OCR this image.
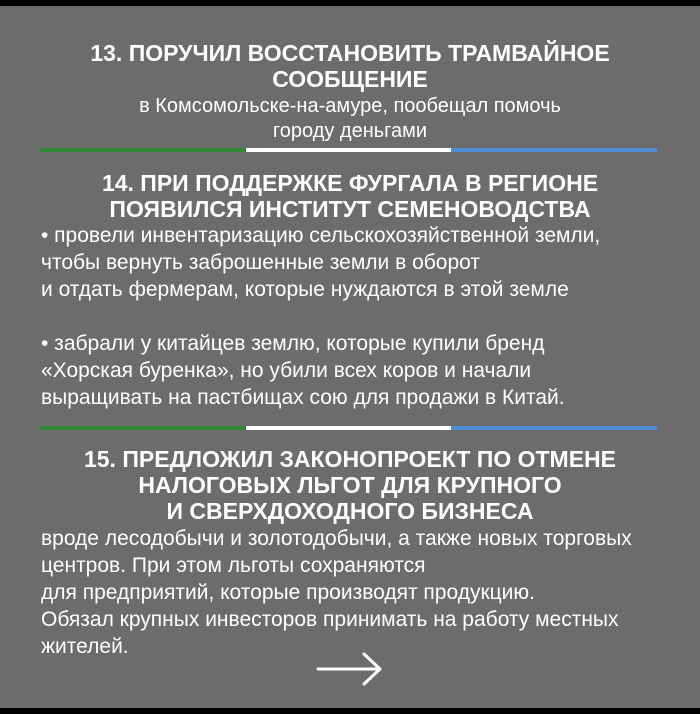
13. ПОРУЧИЛ ВОССТАНОВИТЬ ТРАМВАЙНОЕ
СООБЩЕНИЕ
в Комсомольске-на-амуре, пообещал помочь
городу деньгами
14. ПРИ ПОДДЕРЖКЕ ФУРГАЛА В РЕГИОНЕ
ПОЯВИЛСЯ ИНСТИТУТ СЕМЕНОВОДСТВА

• провели инвентаризацию сельскохозяйственной земли,

чтобы вернуть заброшенные земли в оборот

и отдать фермерам, которые нуждаются в этой земле

• забрали у китайцев землю, которые купили бренд

«Хорская буренка», но убили всех коров и начали

выращивать на пастбищах сою для продажи в Китай.

15. ПРЕДЛОЖИЛ ЗАКОНОПРОЕКТ ПО ОТМЕНЕ
НАЛОГОВЫХ ЛЬГОТ ДЛЯ КРУПНОГО
И СВЕРХДОХОДНОГО БИЗНЕСА

вроде лесодобычи и золотодобычи, а также новых торговых

центров. При этом льготы сохраняются

для предприятий, которые производят продукцию.

Обязал крупных инвесторов принимать на работу местных

жителей.
